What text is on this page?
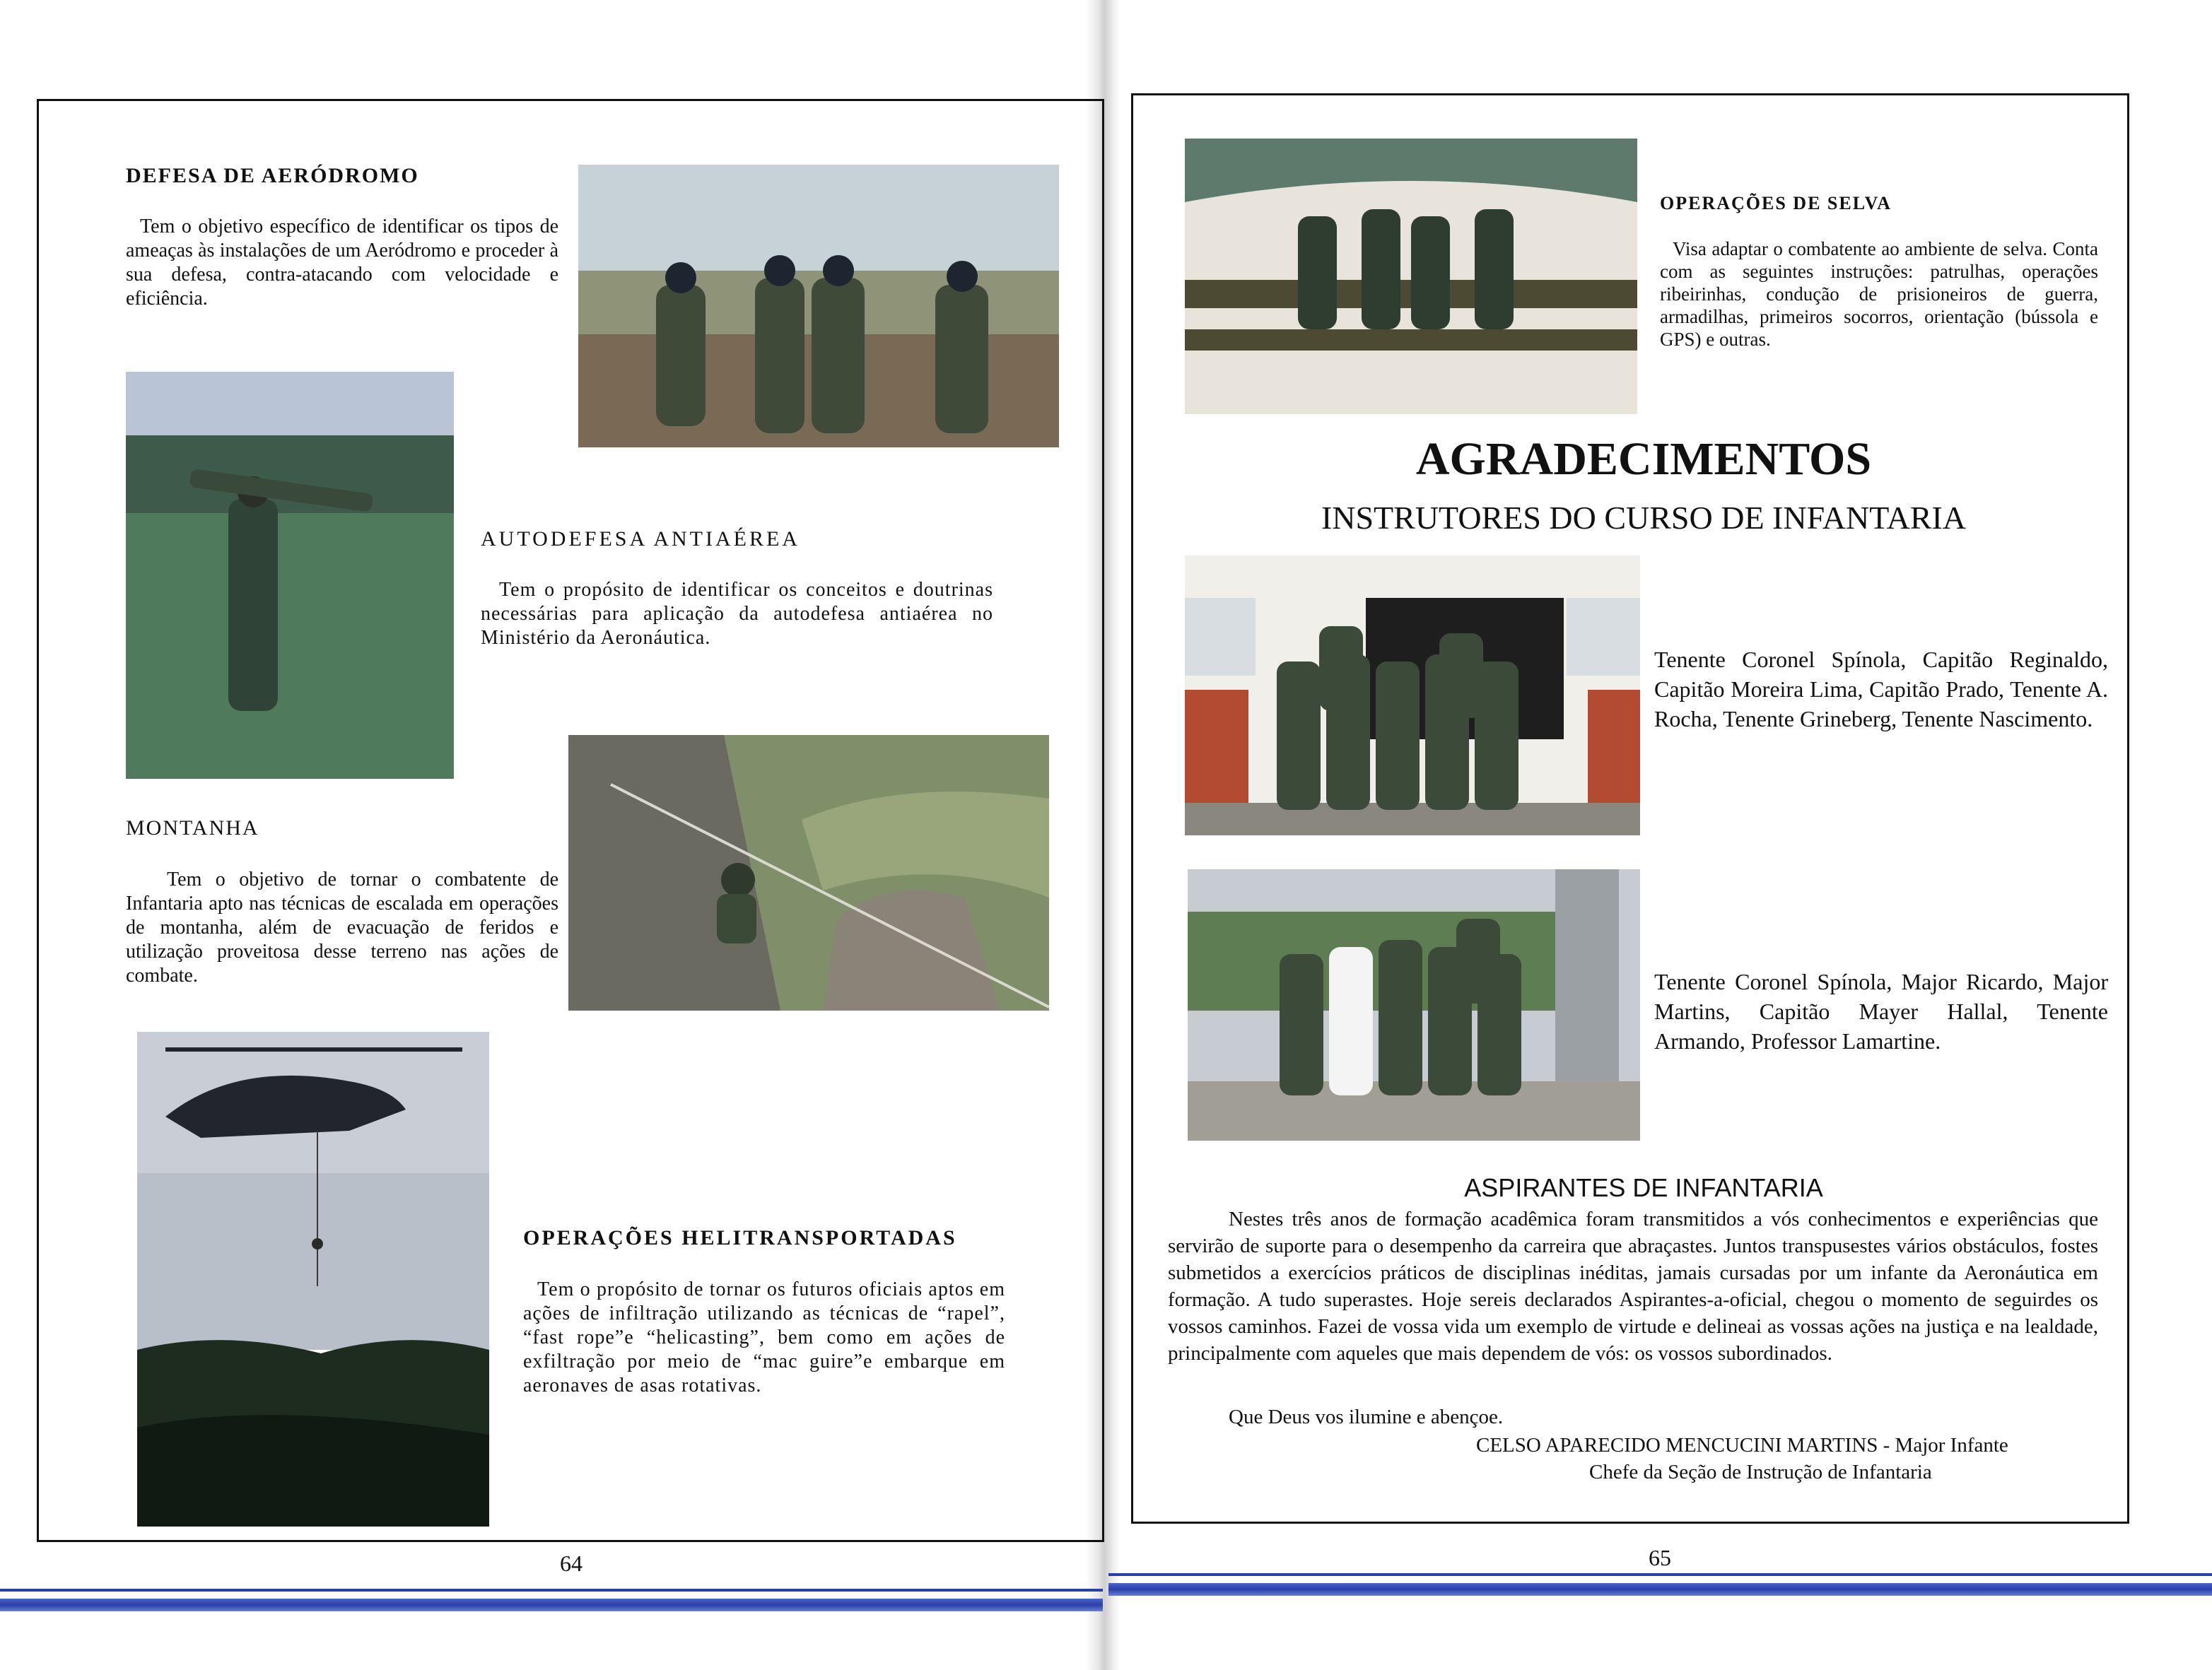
DEFESA DE AERÓDROMO

Tem o objetivo específico de identificar os tipos de ameaças às instalações de um Aeródromo e proceder à sua defesa, contra-atacando com velocidade e eficiência.

AUTODEFESA ANTIAÉREA

Tem o propósito de identificar os conceitos e doutrinas necessárias para aplicação da autodefesa antiaérea no Ministério da Aeronáutica.

MONTANHA

Tem o objetivo de tornar o combatente de Infantaria apto nas técnicas de escalada em operações de montanha, além de evacuação de feridos e utilização proveitosa desse terreno nas ações de combate.

OPERAÇÕES HELITRANSPORTADAS

Tem o propósito de tornar os futuros oficiais aptos em ações de infiltração utilizando as técnicas de “rapel”, “fast rope”e “helicasting”, bem como em ações de exfiltração por meio de “mac guire”e embarque em aeronaves de asas rotativas.

64
OPERAÇÕES DE SELVA

Visa adaptar o combatente ao ambiente de selva. Conta com as seguintes instruções: patrulhas, operações ribeirinhas, condução de prisioneiros de guerra, armadilhas, primeiros socorros, orientação (bússola e GPS) e outras.

AGRADECIMENTOS
INSTRUTORES DO CURSO DE INFANTARIA

Tenente Coronel Spínola, Capitão Reginaldo, Capitão Moreira Lima, Capitão Prado, Tenente A. Rocha, Tenente Grineberg, Tenente Nascimento.

Tenente Coronel Spínola, Major Ricardo, Major Martins, Capitão Mayer Hallal, Tenente Armando, Professor Lamartine.

ASPIRANTES DE INFANTARIA

Nestes três anos de formação acadêmica foram transmitidos a vós conhecimentos e experiências que servirão de suporte para o desempenho da carreira que abraçastes. Juntos transpusestes vários obstáculos, fostes submetidos a exercícios práticos de disciplinas inéditas, jamais cursadas por um infante da Aeronáutica em formação. A tudo superastes. Hoje sereis declarados Aspirantes-a-oficial, chegou o momento de seguirdes os vossos caminhos. Fazei de vossa vida um exemplo de virtude e delineai as vossas ações na justiça e na lealdade, principalmente com aqueles que mais dependem de vós: os vossos subordinados.

Que Deus vos ilumine e abençoe.
CELSO APARECIDO MENCUCINI MARTINS - Major Infante
Chefe da Seção de Instrução de Infantaria
65
